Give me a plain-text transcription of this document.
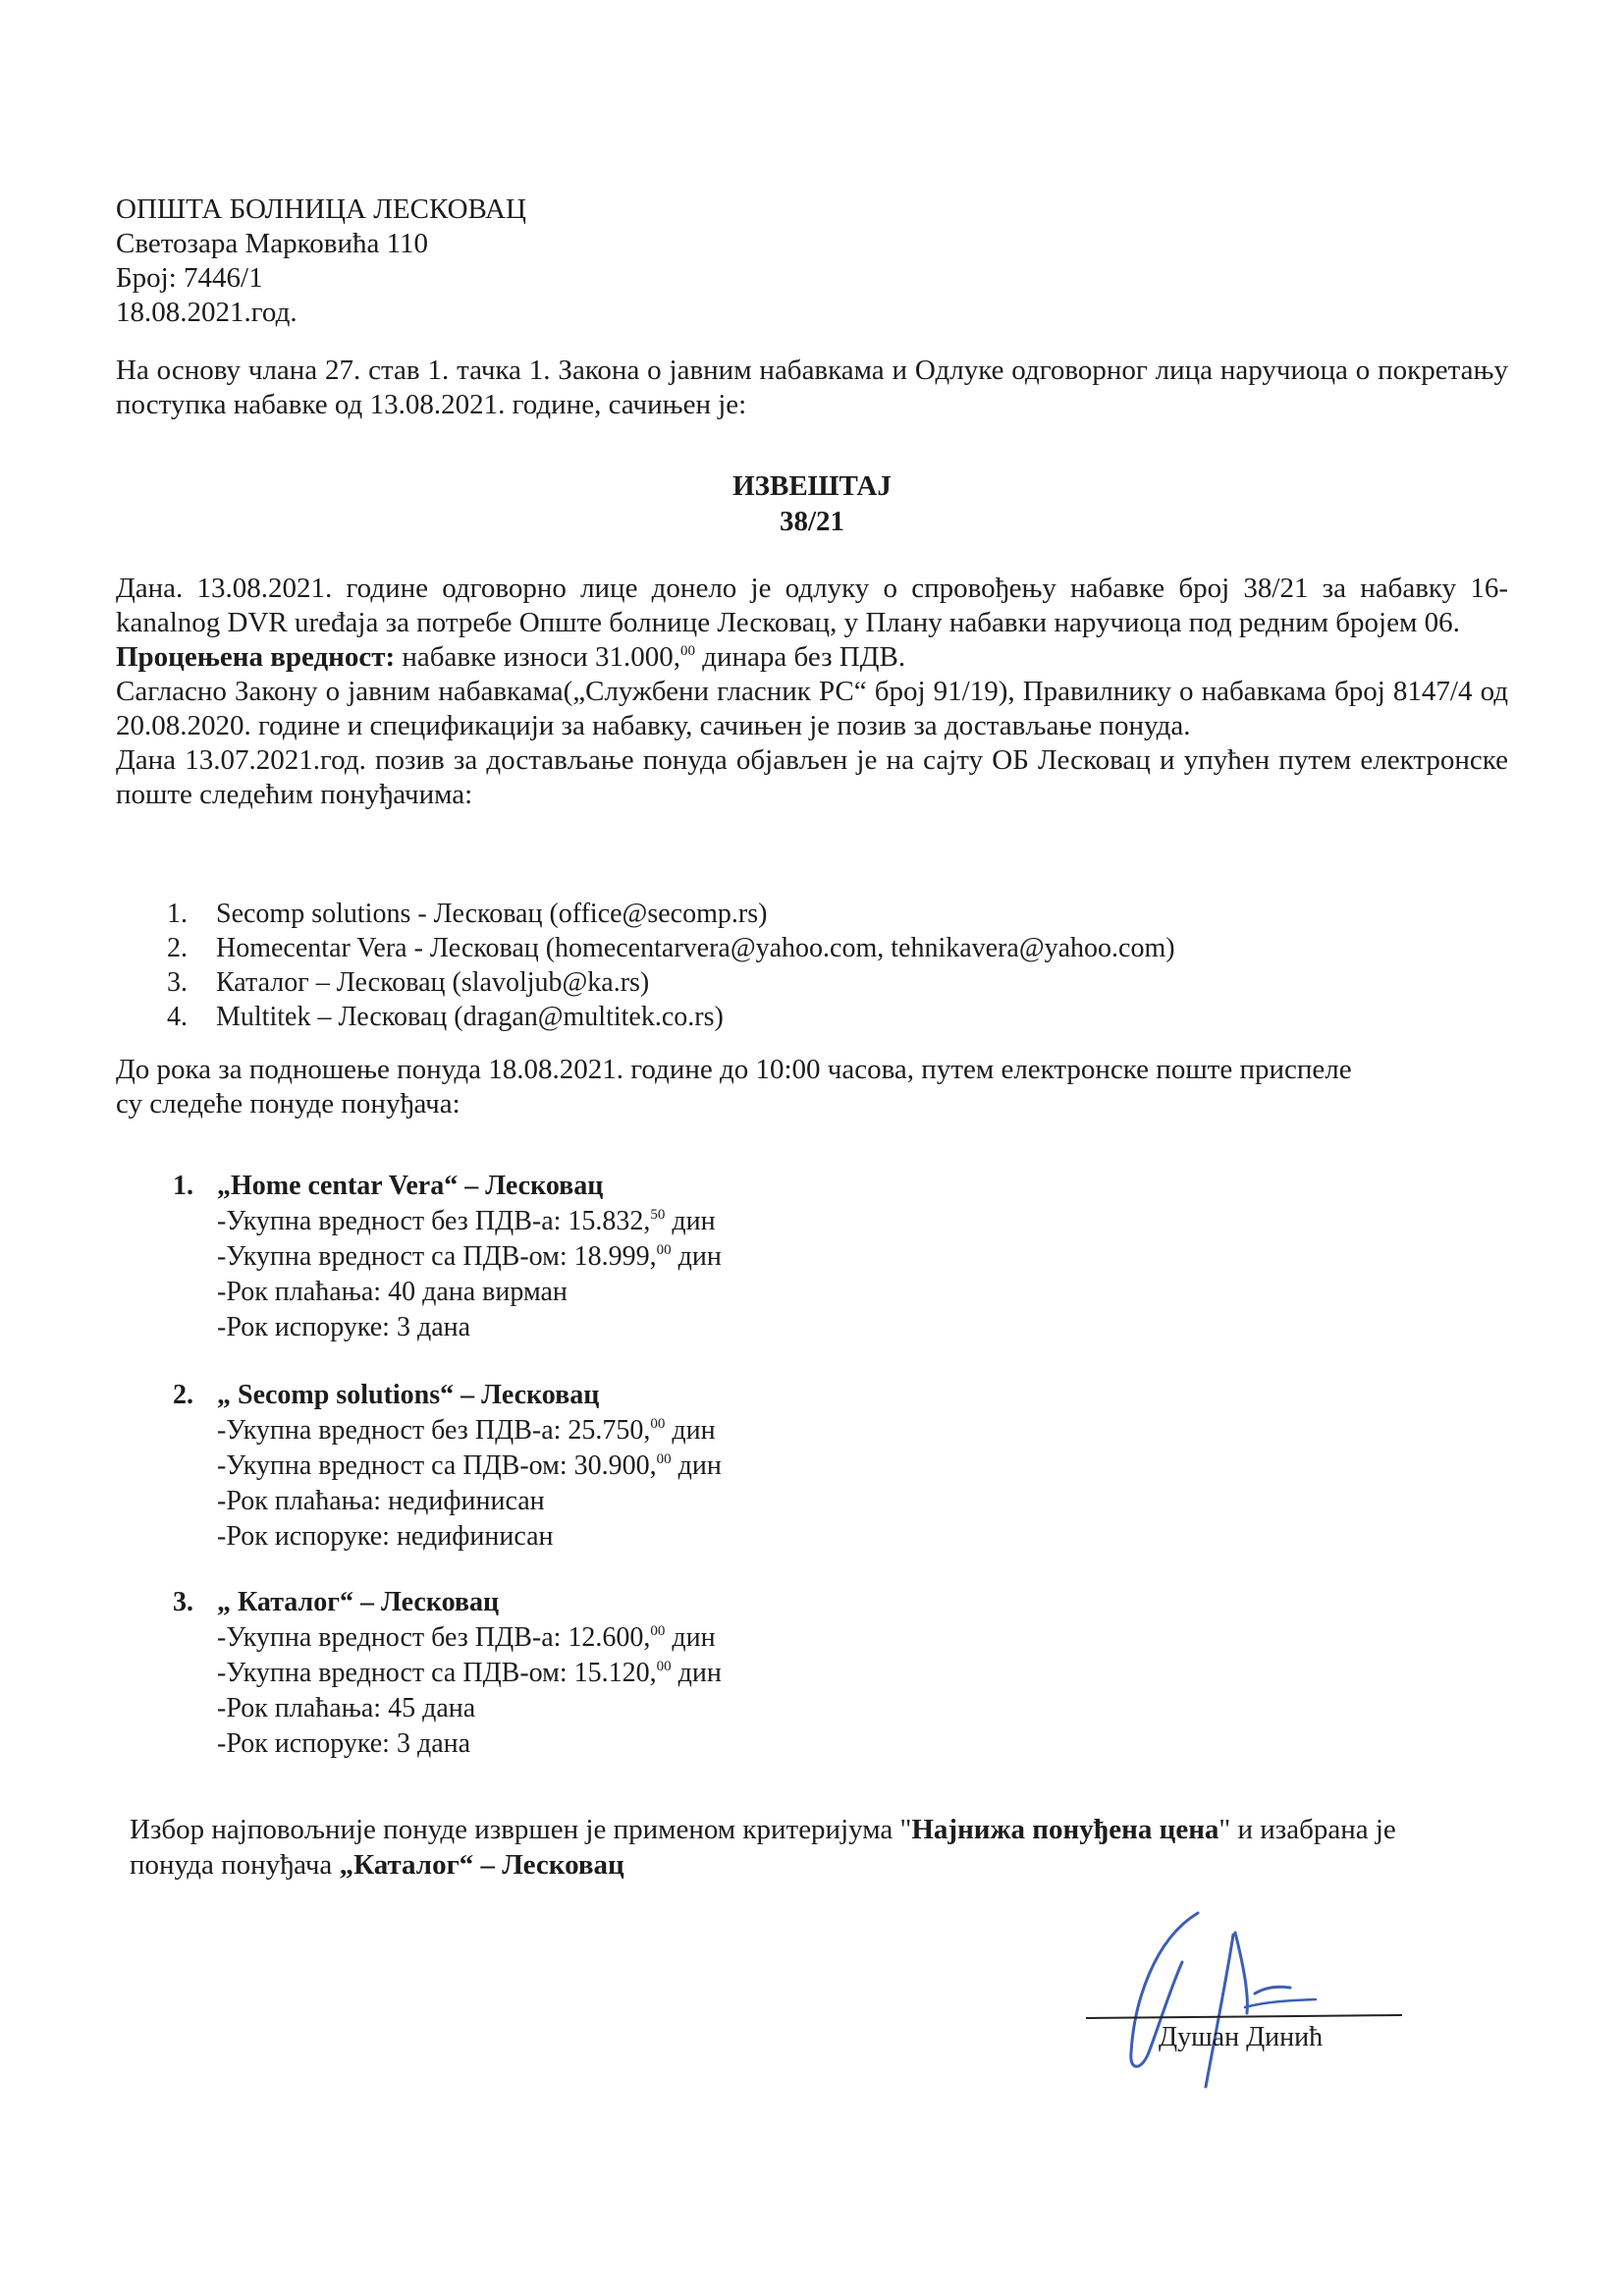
ОПШТА БОЛНИЦА ЛЕСКОВАЦ
Светозара Марковића 110
Број: 7446/1
18.08.2021.год.
На основу члана 27. став 1. тачка 1. Закона о јавним набавкама и Одлуке одговорног лица наручиоца о покретању поступка набавке од 13.08.2021. године, сачињен је:
ИЗВЕШТАЈ
38/21

Дана. 13.08.2021. године одговорно лице донело је одлуку о спровођењу набавке број 38/21 за набавку 16-kanalnog DVR uređaja за потребе Опште болнице Лесковац, у Плану набавки наручиоца под редним бројем 06.

Процењена вредност: набавке износи 31.000,00 динара без ПДВ.

Сагласно Закону о јавним набавкама(„Службени гласник РС“ број 91/19), Правилнику о набавкама број 8147/4 од 20.08.2020. године и спецификацији за набавку, сачињен је позив за достављање понуда.

Дана 13.07.2021.год. позив за достављање понуда објављен је на сајту ОБ Лесковац и упућен путем електронске поште следећим понуђачима:

1.	Secomp solutions - Лесковац (office@secomp.rs)
2.	Homecentar Vera - Лесковац (homecentarvera@yahoo.com, tehnikavera@yahoo.com)
3.	Каталог – Лесковац (slavoljub@ka.rs)
4.	Multitek – Лесковац (dragan@multitek.co.rs)
До рока за подношење понуда 18.08.2021. године до 10:00 часова, путем електронске поште приспеле
су следеће понуде понуђача:
1. „Home centar Vera“ – Лесковац
-Укупна вредност без ПДВ-а: 15.832,50 дин
-Укупна вредност са ПДВ-ом: 18.999,00 дин
-Рок плаћања: 40 дана вирман
-Рок испоруке: 3 дана
2. „ Secomp solutions“ – Лесковац
-Укупна вредност без ПДВ-а: 25.750,00 дин
-Укупна вредност са ПДВ-ом: 30.900,00 дин
-Рок плаћања: недифинисан
-Рок испоруке: недифинисан
3. „ Каталог“ – Лесковац
-Укупна вредност без ПДВ-а: 12.600,00 дин
-Укупна вредност са ПДВ-ом: 15.120,00 дин
-Рок плаћања: 45 дана
-Рок испоруке: 3 дана
Избор најповољније понуде извршен је применом критеријума "Најнижа понуђена цена" и изабрана је
понуда понуђача „Каталог“ – Лесковац
Душан Динић
